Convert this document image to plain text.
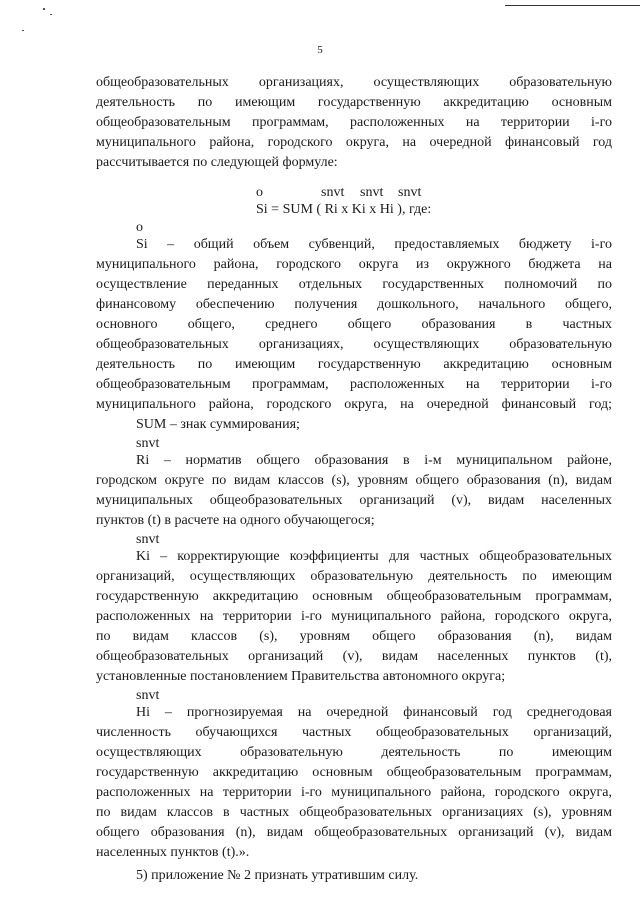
5
общеобразовательных организациях, осуществляющих образовательную
деятельность по имеющим государственную аккредитацию основным
общеобразовательным программам, расположенных на территории i-го
муниципального района, городского округа, на очередной финансовый год
рассчитывается по следующей формуле:
o	snvt snvt snvt
Si = SUM ( Ri x Ki x Hi ), где:
o
Si – общий объем субвенций, предоставляемых бюджету i-го
муниципального района, городского округа из окружного бюджета на
осуществление переданных отдельных государственных полномочий по
финансовому обеспечению получения дошкольного, начального общего,
основного общего, среднего общего образования в частных
общеобразовательных организациях, осуществляющих образовательную
деятельность по имеющим государственную аккредитацию основным
общеобразовательным программам, расположенных на территории i-го
муниципального района, городского округа, на очередной финансовый год;
SUM – знак суммирования;
snvt
Ri – норматив общего образования в i-м муниципальном районе,
городском округе по видам классов (s), уровням общего образования (n), видам
муниципальных общеобразовательных организаций (v), видам населенных
пунктов (t) в расчете на одного обучающегося;
snvt
Ki – корректирующие коэффициенты для частных общеобразовательных
организаций, осуществляющих образовательную деятельность по имеющим
государственную аккредитацию основным общеобразовательным программам,
расположенных на территории i-го муниципального района, городского округа,
по видам классов (s), уровням общего образования (n), видам
общеобразовательных организаций (v), видам населенных пунктов (t),
установленные постановлением Правительства автономного округа;
snvt
Hi – прогнозируемая на очередной финансовый год среднегодовая
численность обучающихся частных общеобразовательных организаций,
осуществляющих образовательную деятельность по имеющим
государственную аккредитацию основным общеобразовательным программам,
расположенных на территории i-го муниципального района, городского округа,
по видам классов в частных общеобразовательных организациях (s), уровням
общего образования (n), видам общеобразовательных организаций (v), видам
населенных пунктов (t).».
5) приложение № 2 признать утратившим силу.
